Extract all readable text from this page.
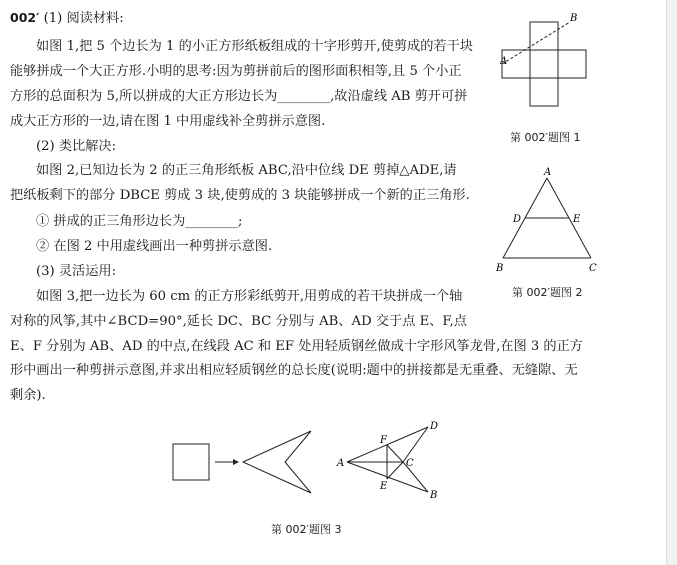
002′ (1) 阅读材料:
如图 1,把 5 个边长为 1 的小正方形纸板组成的十字形剪开,使剪成的若干块
能够拼成一个大正方形.小明的思考:因为剪拼前后的图形面积相等,且 5 个小正
方形的总面积为 5,所以拼成的大正方形边长为________,故沿虚线 AB 剪开可拼
成大正方形的一边,请在图 1 中用虚线补全剪拼示意图.
(2) 类比解决:
如图 2,已知边长为 2 的正三角形纸板 ABC,沿中位线 DE 剪掉△ADE,请
把纸板剩下的部分 DBCE 剪成 3 块,使剪成的 3 块能够拼成一个新的正三角形.
① 拼成的正三角形边长为________;
② 在图 2 中用虚线画出一种剪拼示意图.
(3) 灵活运用:
如图 3,把一边长为 60 cm 的正方形彩纸剪开,用剪成的若干块拼成一个轴
对称的风筝,其中∠BCD=90°,延长 DC、BC 分别与 AB、AD 交于点 E、F,点
E、F 分别为 AB、AD 的中点,在线段 AC 和 EF 处用轻质钢丝做成十字形风筝龙骨,在图 3 的正方
形中画出一种剪拼示意图,并求出相应轻质钢丝的总长度(说明:题中的拼接都是无重叠、无缝隙、无
剩余).
A
B
第 002′题图 1
A
D	E
B	C
第 002′题图 2
A
D
B
C
F
E
第 002′题图 3
